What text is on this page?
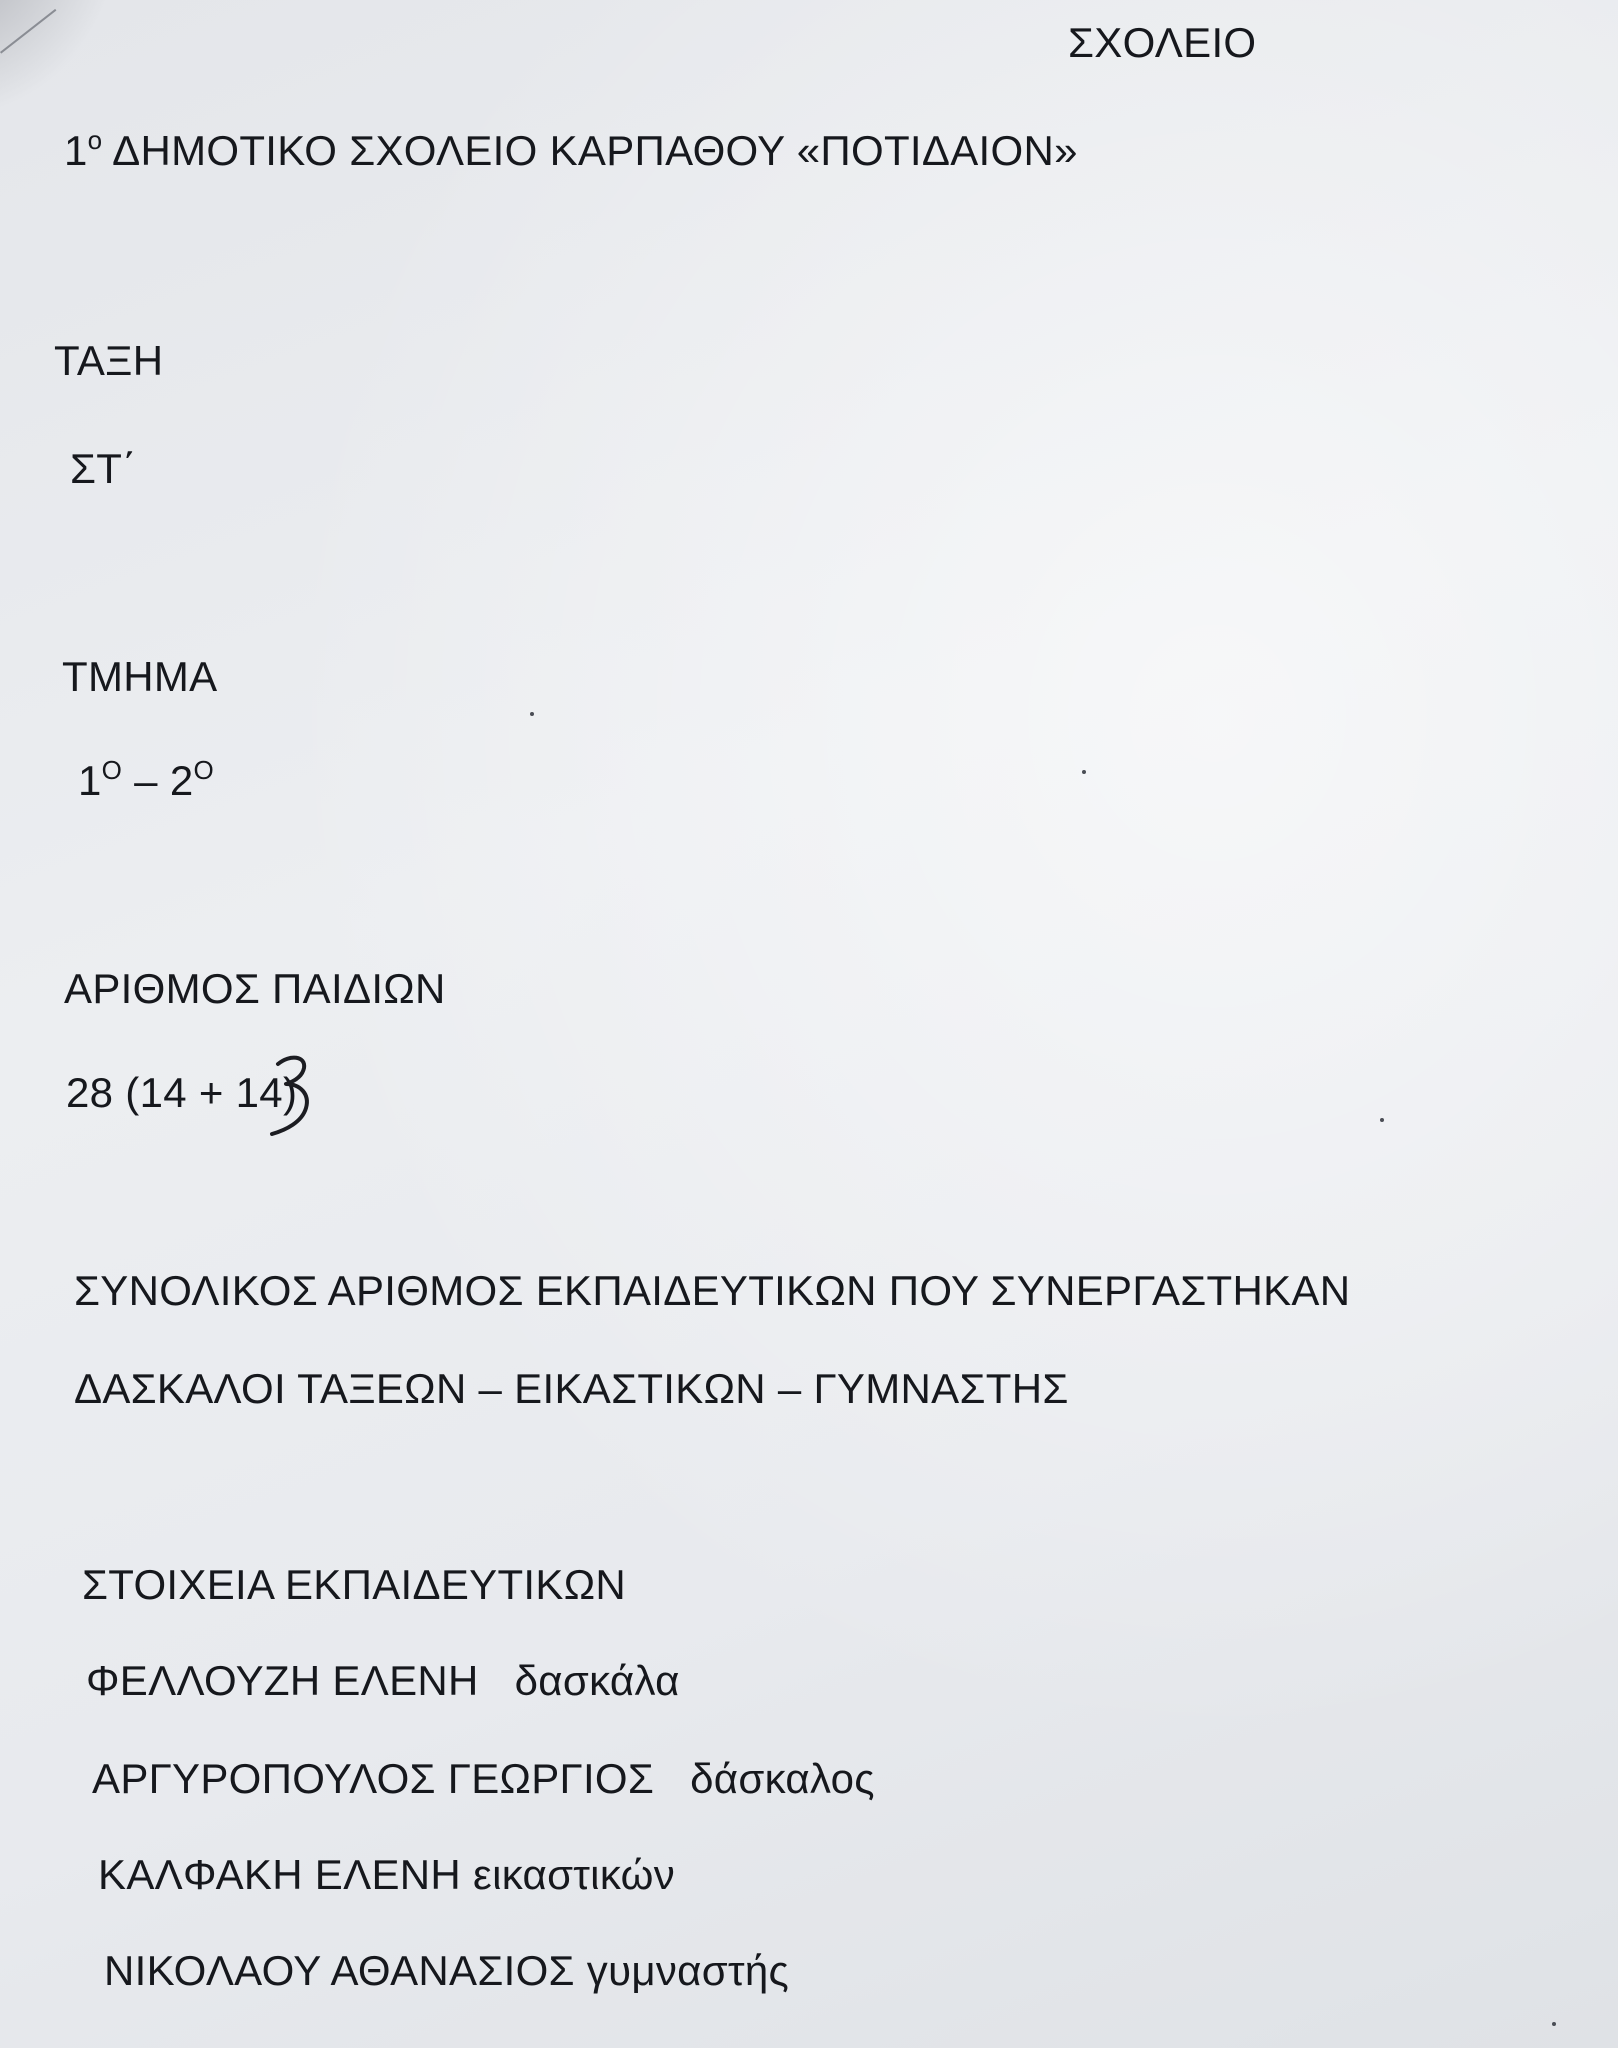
ΣΧΟΛΕΙΟ
$1^o$ ΔΗΜΟΤΙΚΟ ΣΧΟΛΕΙΟ ΚΑΡΠΑΘΟΥ «ΠΟΤΙΔΑΙΟΝ»
ΤΑΞΗ
ΣΤ΄
ΤΜΗΜΑ
$1^O - 2^O$
ΑΡΙΘΜΟΣ ΠΑΙΔΙΩΝ
28 (14 + 14)
ΣΥΝΟΛΙΚΟΣ ΑΡΙΘΜΟΣ ΕΚΠΑΙΔΕΥΤΙΚΩΝ ΠΟΥ ΣΥΝΕΡΓΑΣΤΗΚΑΝ
ΔΑΣΚΑΛΟΙ ΤΑΞΕΩΝ – ΕΙΚΑΣΤΙΚΩΝ – ΓΥΜΝΑΣΤΗΣ
ΣΤΟΙΧΕΙΑ ΕΚΠΑΙΔΕΥΤΙΚΩΝ
ΦΕΛΛΟΥΖΗ ΕΛΕΝΗ δασκάλα
ΑΡΓΥΡΟΠΟΥΛΟΣ ΓΕΩΡΓΙΟΣ δάσκαλος
ΚΑΛΦΑΚΗ ΕΛΕΝΗ εικαστικών
ΝΙΚΟΛΑΟΥ ΑΘΑΝΑΣΙΟΣ γυμναστής
